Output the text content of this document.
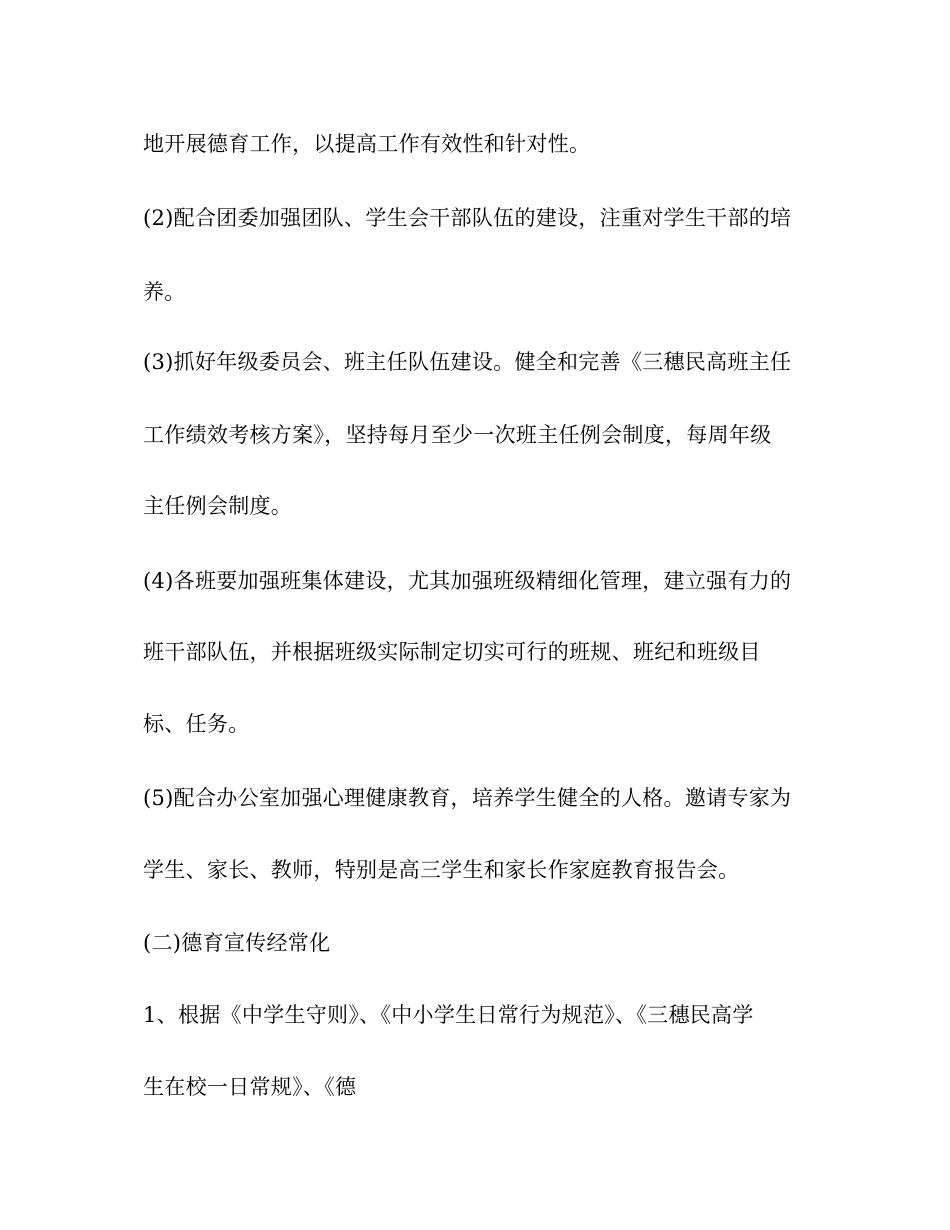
地开展德育工作，以提高工作有效性和针对性。
(2)配合团委加强团队、学生会干部队伍的建设，注重对学生干部的培
养。
(3)抓好年级委员会、班主任队伍建设。健全和完善《三穗民高班主任
工作绩效考核方案》，坚持每月至少一次班主任例会制度，每周年级
主任例会制度。
(4)各班要加强班集体建设，尤其加强班级精细化管理，建立强有力的
班干部队伍，并根据班级实际制定切实可行的班规、班纪和班级目
标、任务。
(5)配合办公室加强心理健康教育，培养学生健全的人格。邀请专家为
学生、家长、教师，特别是高三学生和家长作家庭教育报告会。
(二)德育宣传经常化
1、根据《中学生守则》、《中小学生日常行为规范》、《三穗民高学
生在校一日常规》、《德
